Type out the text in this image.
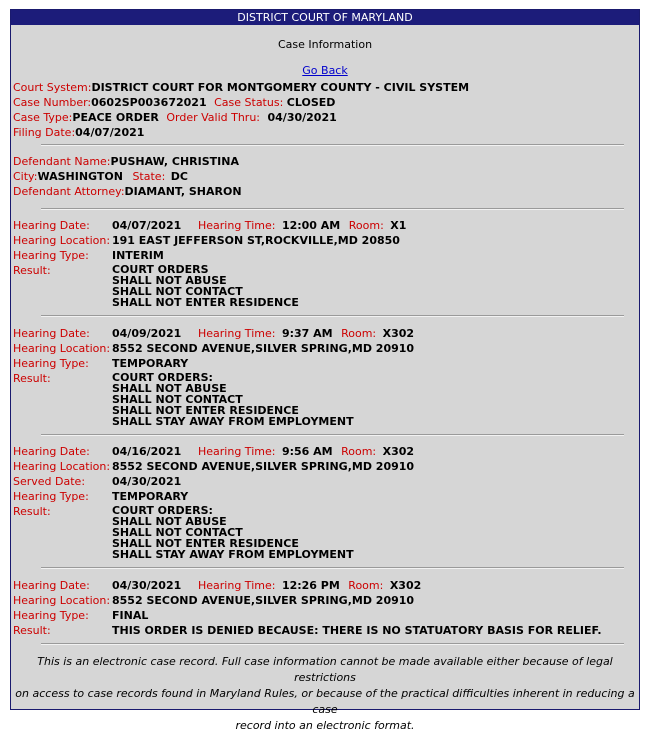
DISTRICT COURT OF MARYLAND
Case Information
Go Back
Court System:DISTRICT COURT FOR MONTGOMERY COUNTY - CIVIL SYSTEM
Case Number:0602SP003672021 Case Status: CLOSED
Case Type:PEACE ORDER Order Valid Thru: 04/30/2021
Filing Date:04/07/2021
Defendant Name:PUSHAW, CHRISTINA
City:WASHINGTON State: DC
Defendant Attorney:DIAMANT, SHARON
Hearing Date: 04/07/2021 Hearing Time: 12:00 AM Room: X1
Hearing Location: 191 EAST JEFFERSON ST,ROCKVILLE,MD 20850
Hearing Type: INTERIM
Result:	COURT ORDERS
SHALL NOT ABUSE
SHALL NOT CONTACT
SHALL NOT ENTER RESIDENCE
Hearing Date: 04/09/2021 Hearing Time: 9:37 AM Room: X302
Hearing Location: 8552 SECOND AVENUE,SILVER SPRING,MD 20910
Hearing Type: TEMPORARY
Result:	COURT ORDERS:
SHALL NOT ABUSE
SHALL NOT CONTACT
SHALL NOT ENTER RESIDENCE
SHALL STAY AWAY FROM EMPLOYMENT
Hearing Date: 04/16/2021 Hearing Time: 9:56 AM Room: X302
Hearing Location: 8552 SECOND AVENUE,SILVER SPRING,MD 20910
Served Date: 04/30/2021
Hearing Type: TEMPORARY
Result:	COURT ORDERS:
SHALL NOT ABUSE
SHALL NOT CONTACT
SHALL NOT ENTER RESIDENCE
SHALL STAY AWAY FROM EMPLOYMENT
Hearing Date: 04/30/2021 Hearing Time: 12:26 PM Room: X302
Hearing Location: 8552 SECOND AVENUE,SILVER SPRING,MD 20910
Hearing Type: FINAL
Result:	THIS ORDER IS DENIED BECAUSE: THERE IS NO STATUATORY BASIS FOR RELIEF.
This is an electronic case record. Full case information cannot be made available either because of legal restrictions
on access to case records found in Maryland Rules, or because of the practical difficulties inherent in reducing a case
record into an electronic format.
